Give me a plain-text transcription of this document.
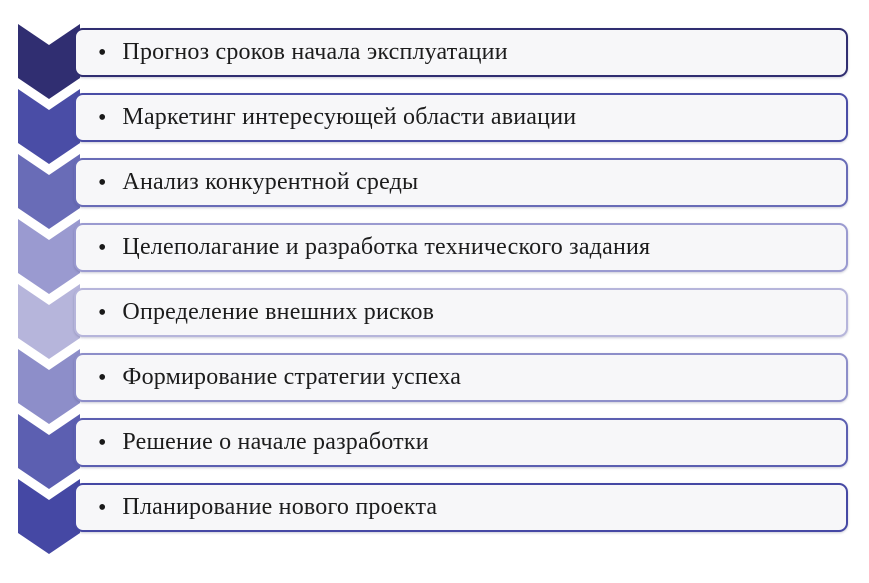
• Прогноз сроков начала эксплуатации
• Маркетинг интересующей области авиации
• Анализ конкурентной среды
• Целеполагание и разработка технического задания
• Определение внешних рисков
• Формирование стратегии успеха
• Решение о начале разработки
• Планирование нового проекта
